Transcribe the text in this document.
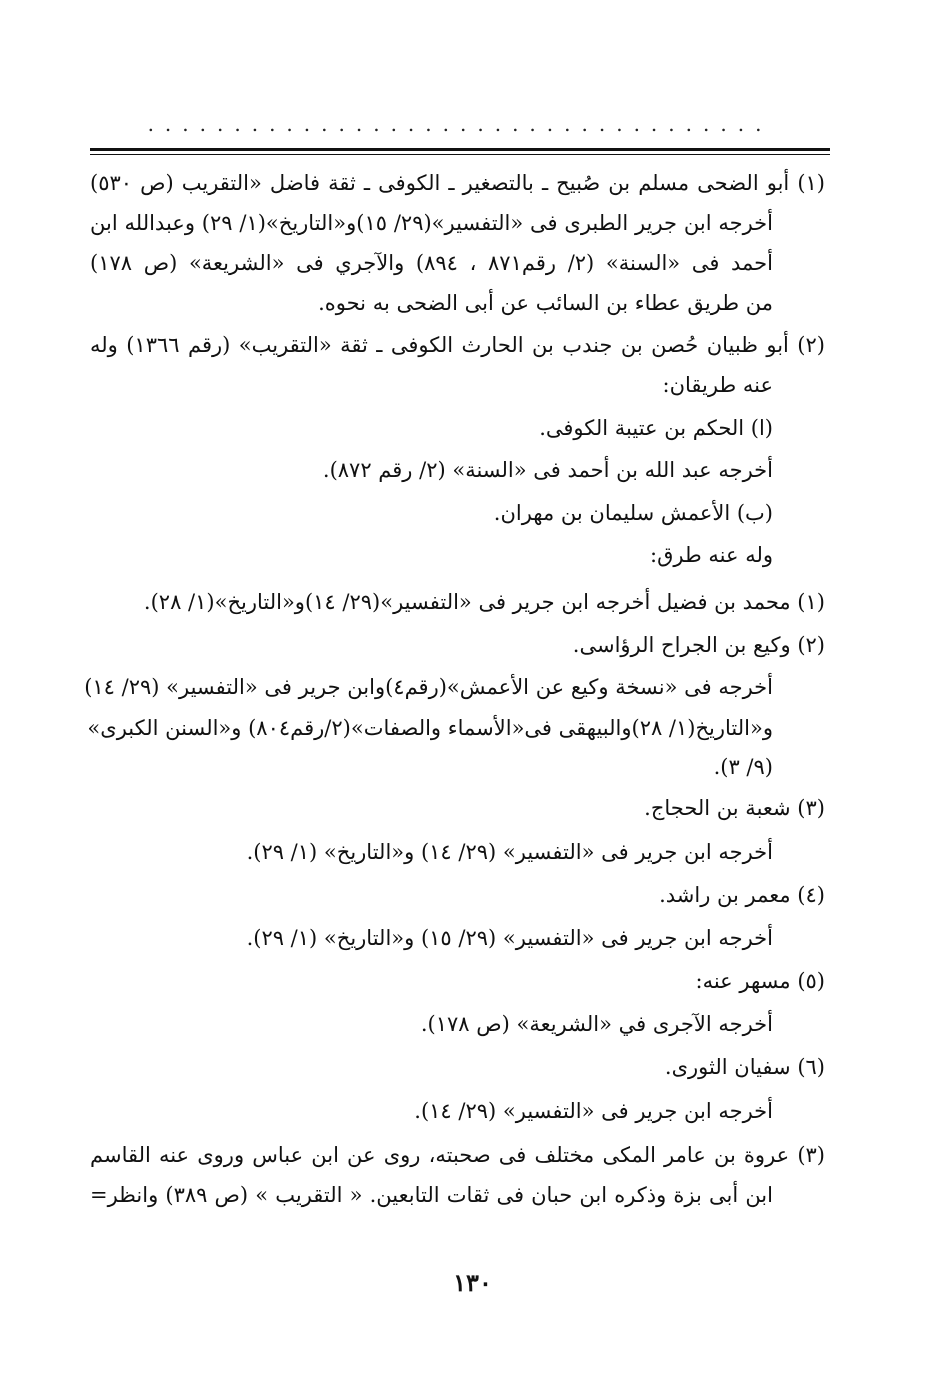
....................................
(١) أبو الضحى مسلم بن صُبيح ـ بالتصغير ـ الكوفى ـ ثقة فاضل «التقريب (ص ٥٣٠)
أخرجه ابن جرير الطبرى فى «التفسير»(٢٩/ ١٥)و«التاريخ»(١/ ٢٩) وعبدالله ابن
أحمد فى «السنة» (٢/ رقم٨٧١ ، ٨٩٤) والآجري فى «الشريعة» (ص ١٧٨)
من طريق عطاء بن السائب عن أبى الضحى به نحوه.
(٢) أبو ظبيان حُصن بن جندب بن الحارث الكوفى ـ ثقة «التقريب» (رقم ١٣٦٦) وله
عنه طريقان:
(ا) الحكم بن عتيبة الكوفى.
أخرجه عبد الله بن أحمد فى «السنة» (٢/ رقم ٨٧٢).
(ب) الأعمش سليمان بن مهران.
وله عنه طرق:
(١) محمد بن فضيل أخرجه ابن جرير فى «التفسير»(٢٩/ ١٤)و«التاريخ»(١/ ٢٨).
(٢) وكيع بن الجراح الرؤاسى.
أخرجه فى «نسخة وكيع عن الأعمش»(رقم٤)وابن جرير فى «التفسير» (٢٩/ ١٤)
و«التاريخ(١/ ٢٨)والبيهقى فى«الأسماء والصفات»(٢/رقم٨٠٤) و«السنن الكبرى»
(٩/ ٣).
(٣) شعبة بن الحجاج.
أخرجه ابن جرير فى «التفسير» (٢٩/ ١٤) و«التاريخ» (١/ ٢٩).
(٤) معمر بن راشد.
أخرجه ابن جرير فى «التفسير» (٢٩/ ١٥) و«التاريخ» (١/ ٢٩).
(٥) مسهر عنه:
أخرجه الآجرى في «الشريعة» (ص ١٧٨).
(٦) سفيان الثورى.
أخرجه ابن جرير فى «التفسير» (٢٩/ ١٤).
(٣) عروة بن عامر المكى مختلف فى صحبته، روى عن ابن عباس وروى عنه القاسم
ابن أبى بزة وذكره ابن حبان فى ثقات التابعين. « التقريب » (ص ٣٨٩) وانظر=
١٣٠
